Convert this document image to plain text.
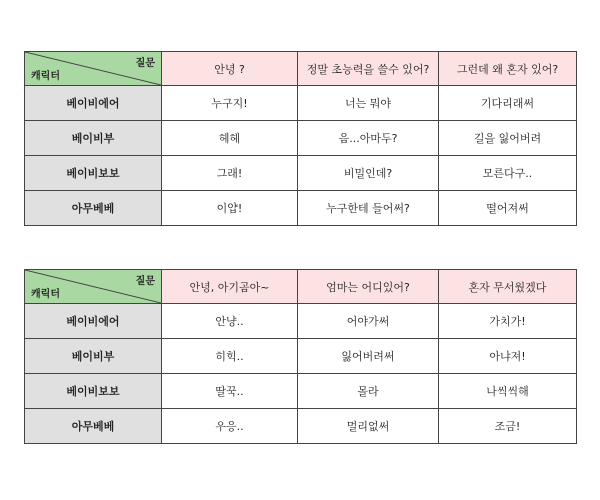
질문
캐릭터	안녕 ?	정말 초능력을 쓸수 있어?	그런데 왜 혼자 있어?
베이비에어	누구지!	너는 뭐야	기다리래써
베이비부	헤헤	음...아마두?	길을 잃어버려
베이비보보	그래!	비밀인데?	모른다구..
아무베베	이얍!	누구한테 들어써?	떨어져써
질문
캐릭터	안녕, 아기곰아~	엄마는 어디있어?	혼자 무서웠겠다
베이비에어	안냥..	어야가써	가치가!
베이비부	히힉..	잃어버려써	아냐져!
베이비보보	딸꾹..	몰라	나씩씩해
아무베베	우응..	멀리없써	조금!
